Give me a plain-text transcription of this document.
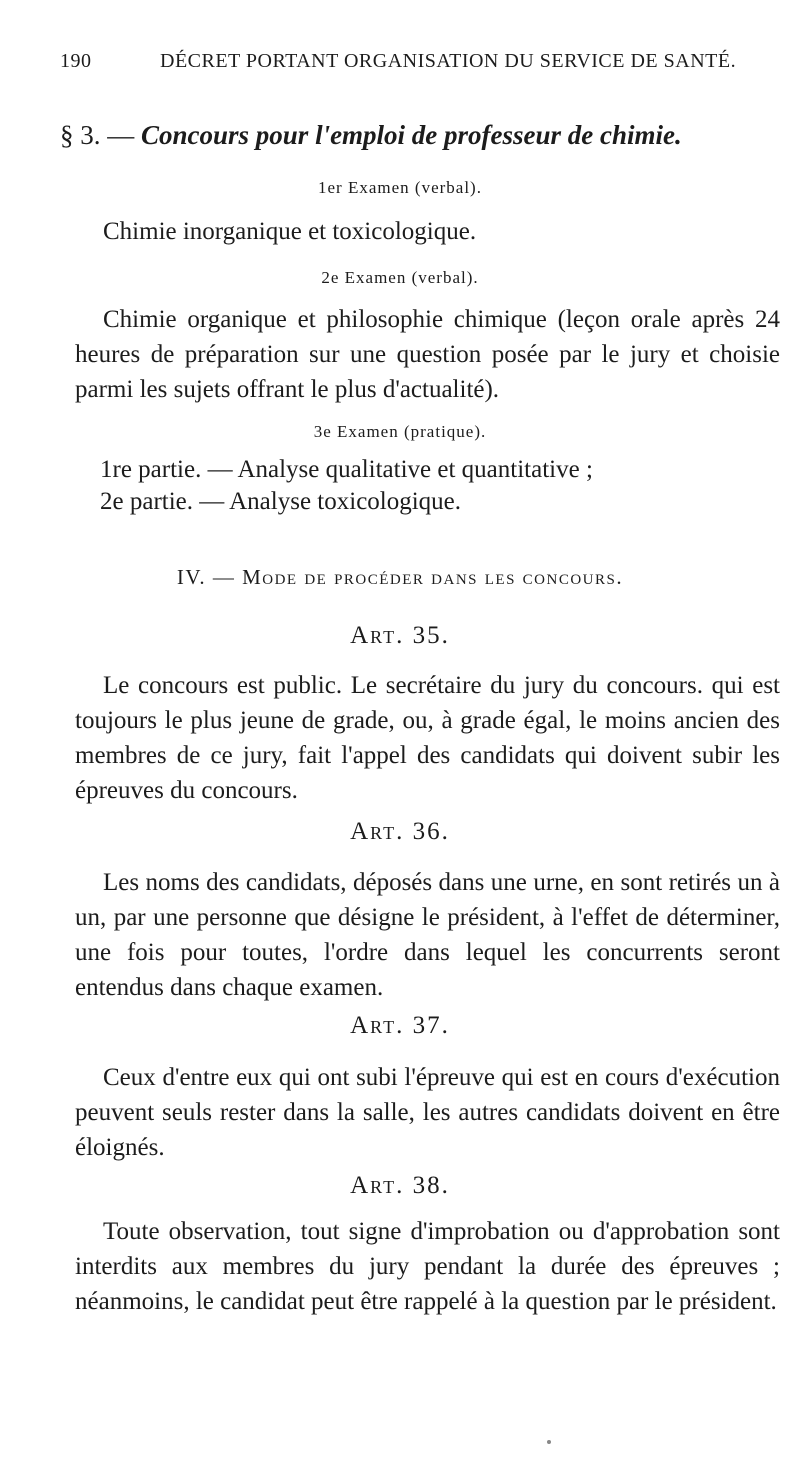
190	DÉCRET PORTANT ORGANISATION DU SERVICE DE SANTÉ.
§ 3. — Concours pour l'emploi de professeur de chimie.
1er Examen (verbal).

Chimie inorganique et toxicologique.

2e Examen (verbal).

Chimie organique et philosophie chimique (leçon orale après 24 heures de préparation sur une question posée par le jury et choisie parmi les sujets offrant le plus d'actualité).

3e Examen (pratique).
1re partie. — Analyse qualitative et quantitative ;
2e partie. — Analyse toxicologique.
IV. — Mode de procéder dans les concours.
Art. 35.

Le concours est public. Le secrétaire du jury du concours. qui est toujours le plus jeune de grade, ou, à grade égal, le moins ancien des membres de ce jury, fait l'appel des candidats qui doivent subir les épreuves du concours.

Art. 36.

Les noms des candidats, déposés dans une urne, en sont retirés un à un, par une personne que désigne le président, à l'effet de déterminer, une fois pour toutes, l'ordre dans lequel les concurrents seront entendus dans chaque examen.

Art. 37.

Ceux d'entre eux qui ont subi l'épreuve qui est en cours d'exécution peuvent seuls rester dans la salle, les autres candidats doivent en être éloignés.

Art. 38.

Toute observation, tout signe d'improbation ou d'approbation sont interdits aux membres du jury pendant la durée des épreuves ; néanmoins, le candidat peut être rappelé à la question par le président.
